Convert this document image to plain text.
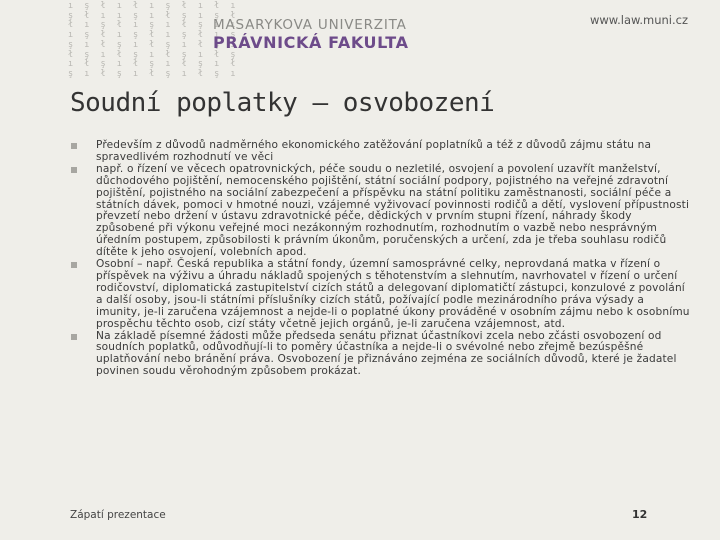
ı ş ł ı ł ı ş ł ı ł ı
ş ł ı ı ş ı ł ş ı ş ł
ł ı ş ł ı ş ı ł ş ı ı
ı ş ł ı ş ł ı ş ł ı ş
ş ı ł ş ı ł ş ı ł ş ı
ł ş ı ł ş ı ł ş ı ł ş
ı ł ş ı ł ş ı ł ş ı ł
ş ı ł ş ı ł ş ı ł ş ı
MASARYKOVA UNIVERZITA
PRÁVNICKÁ FAKULTA
www.law.muni.cz
Soudní poplatky – osvobození
Především z důvodů nadměrného ekonomického zatěžování poplatníků a též z důvodů zájmu státu na spravedlivém rozhodnutí ve věci
např. o řízení ve věcech opatrovnických, péče soudu o nezletilé, osvojení a povolení uzavřít manželství, důchodového pojištění, nemocenského pojištění, státní sociální podpory, pojistného na veřejné zdravotní pojištění, pojistného na sociální zabezpečení a příspěvku na státní politiku zaměstnanosti, sociální péče a státních dávek, pomoci v hmotné nouzi, vzájemné vyživovací povinnosti rodičů a dětí, vyslovení přípustnosti převzetí nebo držení v ústavu zdravotnické péče, dědických v prvním stupni řízení, náhrady škody způsobené při výkonu veřejné moci nezákonným rozhodnutím, rozhodnutím o vazbě nebo nesprávným úředním postupem, způsobilosti k právním úkonům, poručenských a určení, zda je třeba souhlasu rodičů dítěte k jeho osvojení, volebních apod.
Osobní – např. Česká republika a státní fondy, územní samosprávné celky, neprovdaná matka v řízení o příspěvek na výživu a úhradu nákladů spojených s těhotenstvím a slehnutím, navrhovatel v řízení o určení rodičovství, diplomatická zastupitelství cizích států a delegovaní diplomatičtí zástupci, konzulové z povolání a další osoby, jsou-li státními příslušníky cizích států, požívající podle mezinárodního práva výsady a imunity, je-li zaručena vzájemnost a nejde-li o poplatné úkony prováděné v osobním zájmu nebo k osobnímu prospěchu těchto osob, cizí státy včetně jejich orgánů, je-li zaručena vzájemnost, atd.
Na základě písemné žádosti může předseda senátu přiznat účastníkovi zcela nebo zčásti osvobození od soudních poplatků, odůvodňují-li to poměry účastníka a nejde-li o svévolné nebo zřejmě bezúspěšné uplatňování nebo bránění práva. Osvobození je přiznáváno zejména ze sociálních důvodů, které je žadatel povinen soudu věrohodným způsobem prokázat.
Zápatí prezentace	12
